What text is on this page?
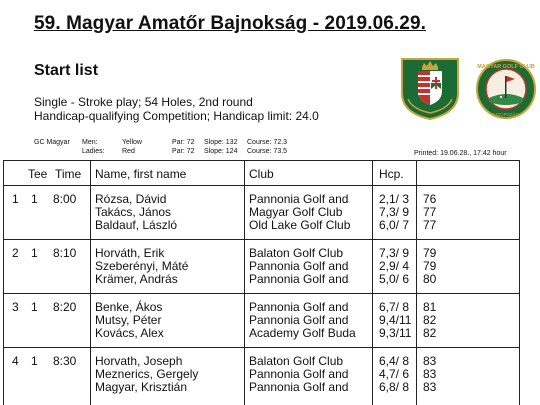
59. Magyar Amatőr Bajnokság - 2019.06.29.
Start list
Single - Stroke play; 54 Holes, 2nd round
Handicap-qualifying Competition; Handicap limit: 24.0
GC Magyar Men:	Yellow	Par: 72 Slope: 132 Course: 72.3
Ladies: Red	Par: 72 Slope: 124 Course: 73.5	Printed: 19.06.28., 17:42 hour
MAGYAR GOLF CLUB
KISORSZÁG
Tee Time Name, first name	Club	Hcp.
1 1 8:00 Rózsa, Dávid	Pannonia Golf and	2,1/ 3 76
Takács, János	Magyar Golf Club	7,3/ 9 77
Baldauf, László	Old Lake Golf Club 6,0/ 7 77
2 1 8:10 Horváth, Erik	Balaton Golf Club	7,3/ 9 79
Szeberényi, Máté	Pannonia Golf and	2,9/ 4 79
Krämer, András	Pannonia Golf and	5,0/ 6 80
3 1 8:20 Benke, Ákos	Pannonia Golf and	6,7/ 8 81
Mutsy, Péter	Pannonia Golf and	9,4/11 82
Kovács, Alex	Academy Golf Buda 9,3/11 82
4 1 8:30 Horvath, Joseph	Balaton Golf Club	6,4/ 8 83
Meznerics, Gergely	Pannonia Golf and	4,7/ 6 83
Magyar, Krisztián	Pannonia Golf and	6,8/ 8 83
